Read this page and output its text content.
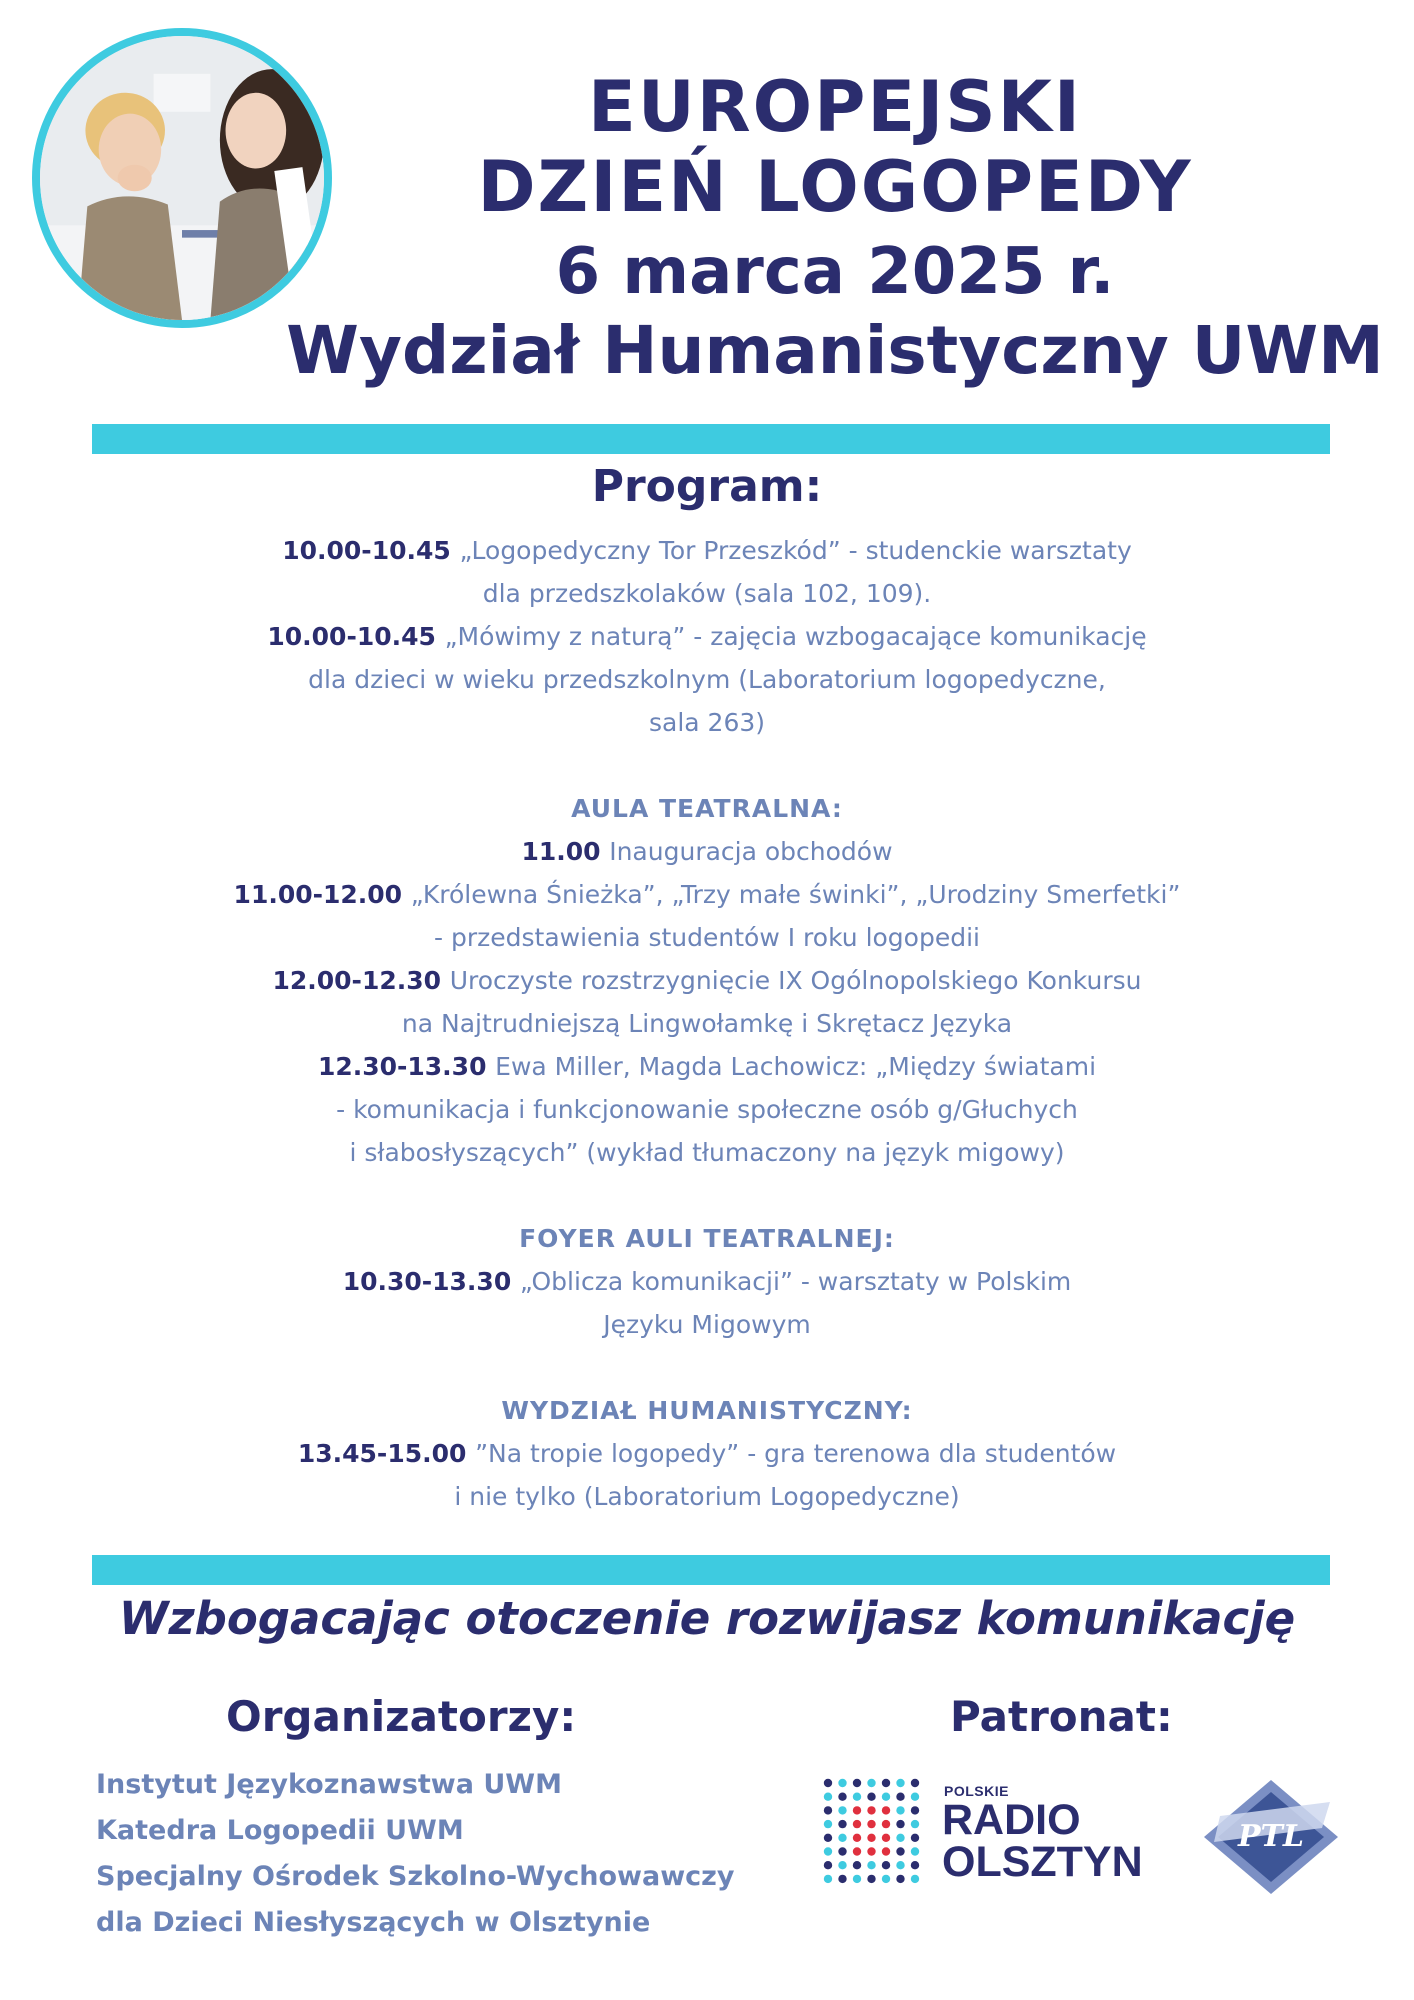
EUROPEJSKI
DZIEŃ LOGOPEDY
6 marca 2025 r.
Wydział Humanistyczny UWM
Program:

10.00-10.45 „Logopedyczny Tor Przeszkód” - studenckie warsztaty

dla przedszkolaków (sala 102, 109).

10.00-10.45 „Mówimy z naturą” - zajęcia wzbogacające komunikację

dla dzieci w wieku przedszkolnym (Laboratorium logopedyczne,

sala 263)

AULA TEATRALNA:

11.00 Inauguracja obchodów

11.00-12.00 „Królewna Śnieżka”, „Trzy małe świnki”, „Urodziny Smerfetki”

- przedstawienia studentów I roku logopedii

12.00-12.30 Uroczyste rozstrzygnięcie IX Ogólnopolskiego Konkursu

na Najtrudniejszą Lingwołamkę i Skrętacz Języka

12.30-13.30 Ewa Miller, Magda Lachowicz: „Między światami

- komunikacja i funkcjonowanie społeczne osób g/Głuchych

i słabosłyszących” (wykład tłumaczony na język migowy)

FOYER AULI TEATRALNEJ:

10.30-13.30 „Oblicza komunikacji” - warsztaty w Polskim

Języku Migowym

WYDZIAŁ HUMANISTYCZNY:

13.45-15.00 ”Na tropie logopedy” - gra terenowa dla studentów

i nie tylko (Laboratorium Logopedyczne)

Wzbogacając otoczenie rozwijasz komunikację
Organizatorzy:	Patronat:
Instytut Językoznawstwa UWM
Katedra Logopedii UWM
Specjalny Ośrodek Szkolno-Wychowawczy
dla Dzieci Niesłyszących w Olsztynie
POLSKIE
RADIO
OLSZTYN
PTL
